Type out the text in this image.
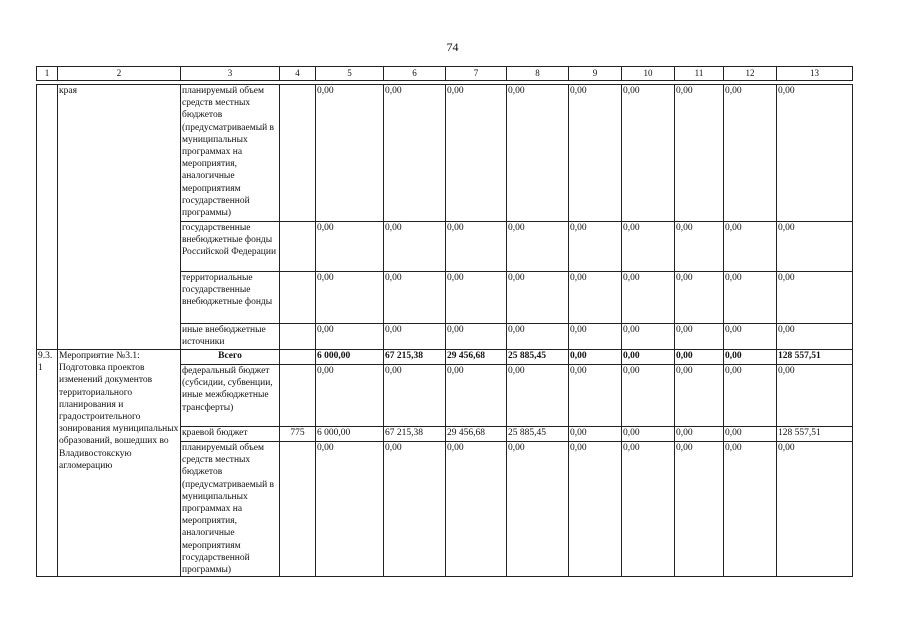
74
1	2	3	4	5	6	7	8	9	10	11	12	13

	края	планируемый объем средств местных бюджетов (предусматриваемый в муниципальных программах на мероприятия, аналогичные мероприятиям государственной программы)		0,00	0,00	0,00	0,00	0,00	0,00	0,00	0,00	0,00
		государственные внебюджетные фонды Российской Федерации		0,00	0,00	0,00	0,00	0,00	0,00	0,00	0,00	0,00
		территориальные государственные внебюджетные фонды		0,00	0,00	0,00	0,00	0,00	0,00	0,00	0,00	0,00
		иные внебюджетные источники		0,00	0,00	0,00	0,00	0,00	0,00	0,00	0,00	0,00
9.3.1	Мероприятие №3.1: Подготовка проектов изменений документов территориального планирования и градостроительного зонирования муниципальных образований, вошедших во Владивостокскую агломерацию	Всего		6 000,00	67 215,38	29 456,68	25 885,45	0,00	0,00	0,00	0,00	128 557,51
		федеральный бюджет (субсидии, субвенции, иные межбюджетные трансферты)		0,00	0,00	0,00	0,00	0,00	0,00	0,00	0,00	0,00
		краевой бюджет	775	6 000,00	67 215,38	29 456,68	25 885,45	0,00	0,00	0,00	0,00	128 557,51
		планируемый объем средств местных бюджетов (предусматриваемый в муниципальных программах на мероприятия, аналогичные мероприятиям государственной программы)		0,00	0,00	0,00	0,00	0,00	0,00	0,00	0,00	0,00
